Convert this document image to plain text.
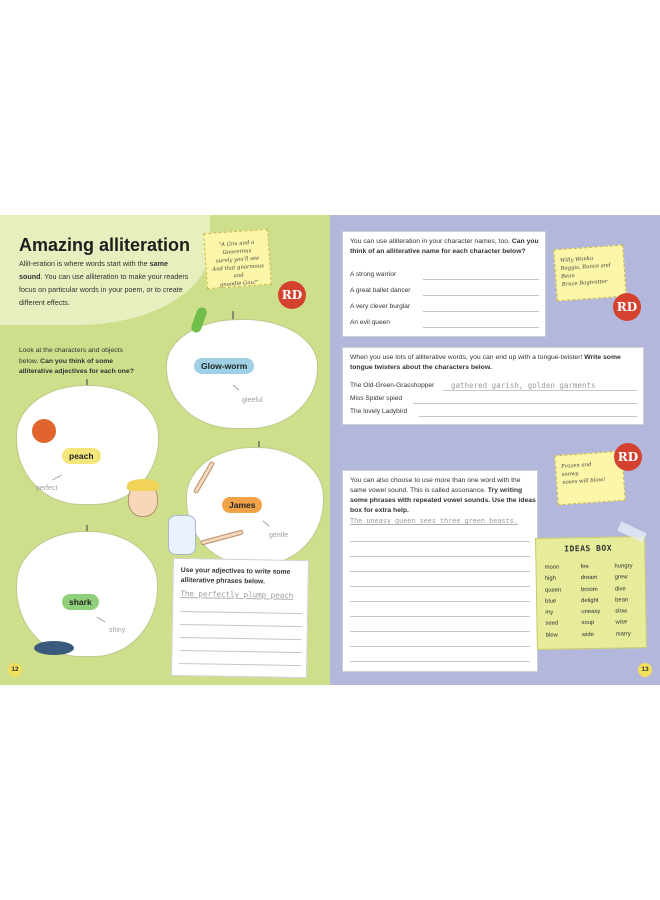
Amazing alliteration
Allit-eration is where words start with the same sound. You can use alliteration to make your readers focus on particular words in your poem, or to create different effects.
"A Gnu and a Gnocerous
surely you'll see
And that gnormous and
gnoodle Gnu!"
RD
Look at the characters and objects below. Can you think of some alliterative adjectives for each one?
Glow-worm
gleeful
peach
perfect
James
gentle
shark
shiny
Use your adjectives to write some alliterative phrases below.
The perfectly plump peach
12
You can use alliteration in your character names, too. Can you think of an alliterative name for each character below?
A strong warrior
A great ballet dancer
A very clever burglar
An evil queen
Willy Wonka
Boggis, Bunce and Bean
Bruce Bogtrotter
RD
When you use lots of alliterative words, you can end up with a tongue-twister! Write some tongue twisters about the characters below.
The Old-Green-Grasshopper gathered garish, golden garments
Miss Spider spied
The lovely Ladybird
You can also choose to use more than one word with the same vowel sound. This is called assonance. Try writing some phrases with repeated vowel sounds. Use the ideas box for extra help.
The uneasy queen sees three green beasts.
Frozen and
snowy
noses will blow!
RD
IDEAS BOX
moon
high
queen
blue
my
seed
blew
fire
dream
broom
delight
uneasy
soup
wide
hungry
grew
dive
bean
slow
wise
marry
13
